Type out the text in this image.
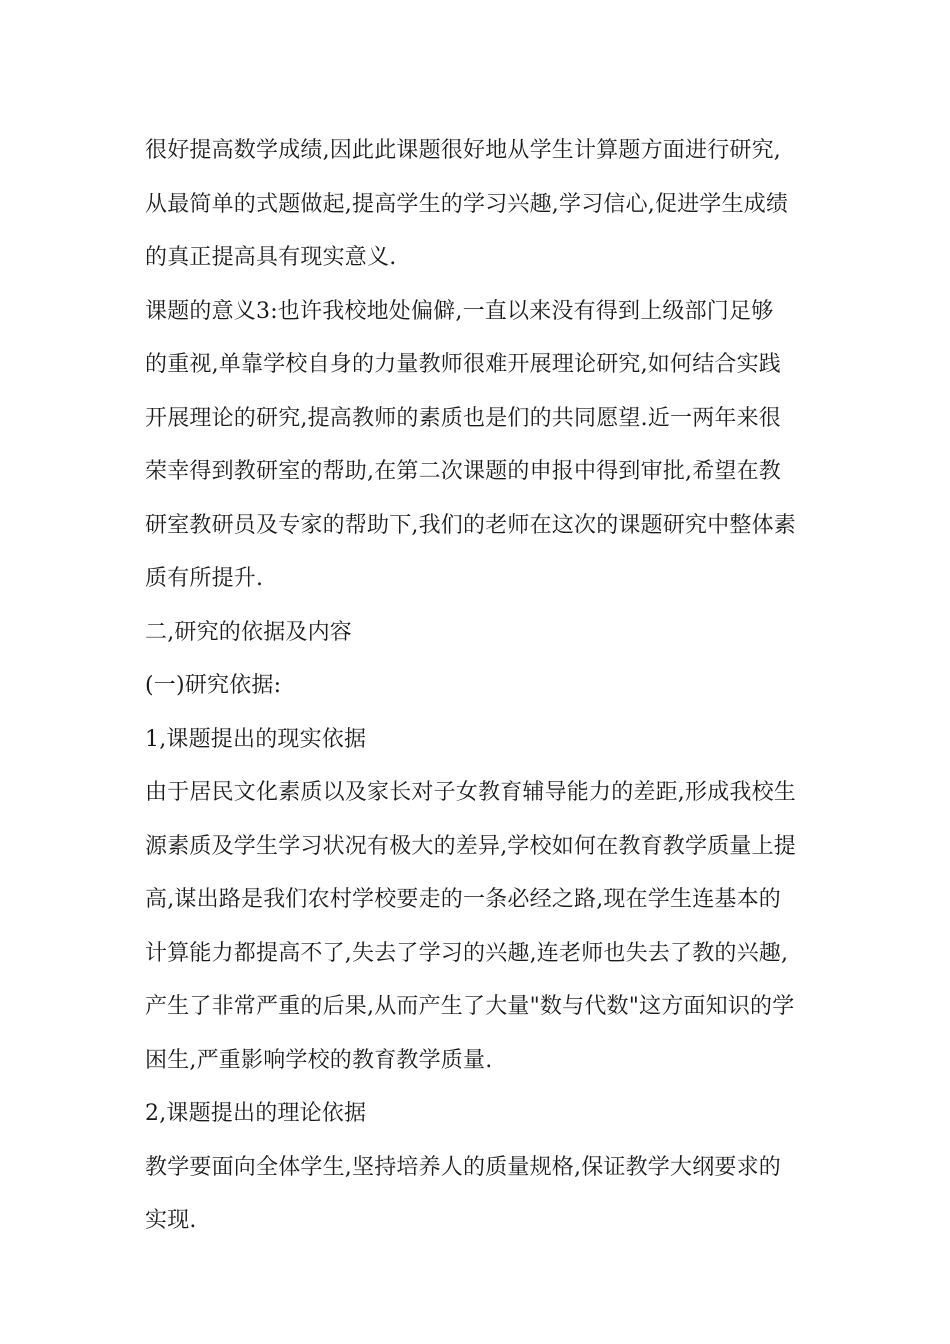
很好提高数学成绩,因此此课题很好地从学生计算题方面进行研究,
从最简单的式题做起,提高学生的学习兴趣,学习信心,促进学生成绩
的真正提高具有现实意义.
课题的意义3:也许我校地处偏僻,一直以来没有得到上级部门足够
的重视,单靠学校自身的力量教师很难开展理论研究,如何结合实践
开展理论的研究,提高教师的素质也是们的共同愿望.近一两年来很
荣幸得到教研室的帮助,在第二次课题的申报中得到审批,希望在教
研室教研员及专家的帮助下,我们的老师在这次的课题研究中整体素
质有所提升.
二,研究的依据及内容
(一)研究依据:
1,课题提出的现实依据
由于居民文化素质以及家长对子女教育辅导能力的差距,形成我校生
源素质及学生学习状况有极大的差异,学校如何在教育教学质量上提
高,谋出路是我们农村学校要走的一条必经之路,现在学生连基本的
计算能力都提高不了,失去了学习的兴趣,连老师也失去了教的兴趣,
产生了非常严重的后果,从而产生了大量"数与代数"这方面知识的学
困生,严重影响学校的教育教学质量.
2,课题提出的理论依据
教学要面向全体学生,坚持培养人的质量规格,保证教学大纲要求的
实现.
